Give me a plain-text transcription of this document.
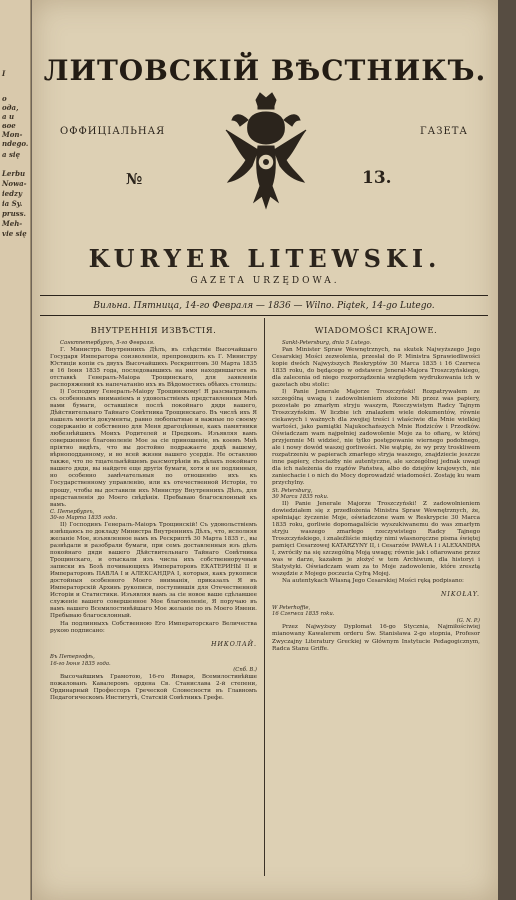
I
о
ода,
а и
вое
Mon-
ndego.
a się
Lerbu
Nowa-
iedzy
ia Sy.
pruss.
Meh-
vie się
ЛИТОВСКІЙ ВѢСТНИКЪ.
ОФФИЦІАЛЬНАЯ	ГАЗЕТА
№	13.
KURYER LITEWSKI.
GAZETA URZĘDOWA.
Вильна. Пятница, 14-го Февраля — 1836 — Wilno. Piątek, 14-go Lutego.
ВНУТРЕННІЯ ИЗВѢСТІЯ.

Санктпетербургъ, 5-го Февраля.

Г. Министръ Внутреннихъ Дѣлъ, въ слѣдствіе Высочайшаго Государя Императора соизволенія, препроводилъ къ Г. Министру Юстиціи копіи съ двухъ Высочайшихъ Рескриптовъ 30 Марта 1835 и 16 Іюня 1835 года, последовавшихъ на имя находившагося въ отставкѣ Генералъ-Маіора Трощинскаго, для заявленія распоряжений къ напечатанію ихъ въ Вѣдомостяхъ обѣихъ столицъ:

I) Господину Генералъ-Маіору Трощинскому! Я разсматривалъ съ особеннымъ вниманіемъ и удовольствіемъ представленныя Мнѣ вами бумаги, оставшіяся послѣ покойнаго дяди вашего, Дѣйствительнаго Тайнаго Совѣтника Трощинскаго. Въ числѣ ихъ Я нашелъ многія документы, равно любопытные и важные по своему содержанію и собственно для Меня драгоцѣнные, какъ памятники любезнѣйшихъ Моихъ Родителей и Предковъ. Изъявляя вамъ совершенное благоволеніе Мое за сіе приношеніе, въ коемъ Мнѣ пріятно видѣть, что вы достойно подражаете дядѣ вашему, вѣрноподданному, и во всей жизни вашего усердія. Не оставляю также, что по тщательнѣйшемъ разсмотрѣніи въ дѣлахъ покойнаго вашего дяди, вы найдете еще другія бумаги, хотя и не подлинныя, но особенно замѣчательныя по отношенію ихъ къ Государственному управленію, или къ отечественной Исторіи, то прошу, чтобы вы доставили ихъ Министру Внутреннихъ Дѣлъ, для представленія до Моего свѣдѣнія. Пребываю благосклонный къ вамъ.

С. Петербургъ,

30-го Марта 1835 года.

II) Господинъ Генералъ-Маіоръ Трощинскій! Съ удовольствіемъ извѣщаюсь по докладу Министра Внутреннихъ Дѣлъ, что, исполняя желаніе Мое, изъявленное вамъ въ Рескриптѣ 30 Марта 1835 г., вы развѣдали и разобрали бумаги, при семъ доставленныя изъ дѣлъ покойнаго дяди вашего Дѣйствительнаго Тайнаго Совѣтника Трощинскаго, и отыскали изъ числа ихъ собственноручныя записки въ Бозѣ почивающихъ Императоровъ ЕКАТЕРИНЫ II и Императоровъ ПАВЛА I и АЛЕКСАНДРА I, которыя, какъ рукописи достойныя особенного Моего вниманія, приказалъ Я въ Императорскій Архивъ рукописи, поступившія для Отечественной Исторіи и Статистики. Изъявляя вамъ за сіе новое ваше сдѣлавшее служеніе вашего совершенное Мое благоволеніе, Я поручаю въ вамъ вашего Всемилостивѣйшаго Мое желаніе по въ Моего Имени. Пребываю благосклонный.

На подлинныхъ Собственною Его Императорскаго Величества рукою подписано:

НИКОЛАЙ.

Въ Петергофѣ,

16-го Іюня 1835 года.

(Спб. В.)

Высочайшимъ Грамотою, 16-го Января, Всемилостивѣйше пожалованъ Кавалеромъ ордена Св. Станислава 2-й степени, Ординарный Профессоръ Греческой Словесности въ Главномъ Педагогическомъ Институтѣ, Статскій Совѣтникъ Грефе.

WIADOMOŚCI KRAJOWE.

Sankt-Petersburg, dnia 5 Lutego.

Pan Minister Spraw Wewnętrznych, na skutek Najwyższego Jego Cesarskiej Mości zezwolenia, przesłał do P. Ministra Sprawiedliwości kopie dwóch Najwyższych Reskryptów 30 Marca 1835 i 16 Czerwca 1835 roku, do będącego w odstawce Jenerał-Majora Troszczyńskiego, dla zalecenia od niego rozporządzenia względem wydrukowania ich w gazetach obu stolic:

I) Panie Jenerale Majorze Troszczyński! Rozpatrywałem ze szczególną uwagą i zadowolnieniem złożone Mi przez was papiery, pozostałe po zmarłym stryju waszym, Rzeczywistym Radcy Tajnym Troszczyńskim. W liczbie ich znalazłem wiele dokumentów, równie ciekawych i ważnych dla zwojiej treści i właściwie dla Mnie wielkiej wartości, jako pamiątki Najukochańszych Mnie Rodziców i Przodków. Oświadczam wam najpełniej zadowolenie Moje za to ofiarę, w której przyjemnie Mi widzieć, nie tylko postępowanie wiernego podobnego, ale i nowy dowód waszej gorliwości. Nie wątpię, że wy przy troskliwem rozpatrzeniu w papierach zmarłego stryja waszego, znajdziecie jeszcze inne papiery, chociażby nie autentyczne, ale szczególnej jednak uwagi dla ich należenia do rządów Państwa, albo do dziejów krajowych, nie zaniechacie i o nich do Mocy doprowadzić wiadomości. Zostaję ku wam przychylny.

St. Petersburg,

30 Marca 1835 roku.

II) Panie Jenerale Majorze Troszczyński! Z zadowolnieniem dowiedziałem się z przedłożenia Ministra Spraw Wewnętrznych, że, spełniając życzenie Moje, oświadczone wam w Reskrypcie 30 Marca 1835 roku, gorliwie dopomagaliście wyszukiwanemu do was zmarłym stryju waszego zmarłego rzeczywistego Radcy Tajnego Troszczyńskiego, i znaleźliście między nimi własnoręczne pisma świętej pamięci Cesarzowej KATARZYNY II, i Cesarzów PAWŁA I i ALEXANDRA I, zwróciły na się szczególną Moją uwagę; równie jak i ofiarowane przez was w darze, kazałem je złożyć w tem Archiwum, dla historyi i Statystyki. Oświadczam wam za to Moje zadowolenie, które zresztą wszędzie z Mojego poczucia Cyfrą Mojej.

Na autentykach Własną Jego Cesarskiej Mości ręką podpisano:

NIKOŁAY.

W Peterhoffie,

16 Czerwca 1835 roku.

(G. N. P.)

Przez Najwyższy Dyplomat 16-go Stycznia, Najmiłościwiej mianowany Kawalerem orderu Św. Stanisława 2-go stopnia, Profesor Zwyczajny Literatury Greckiej w Głównym Instytucie Pedagogicznym, Radca Stanu Griffe.
